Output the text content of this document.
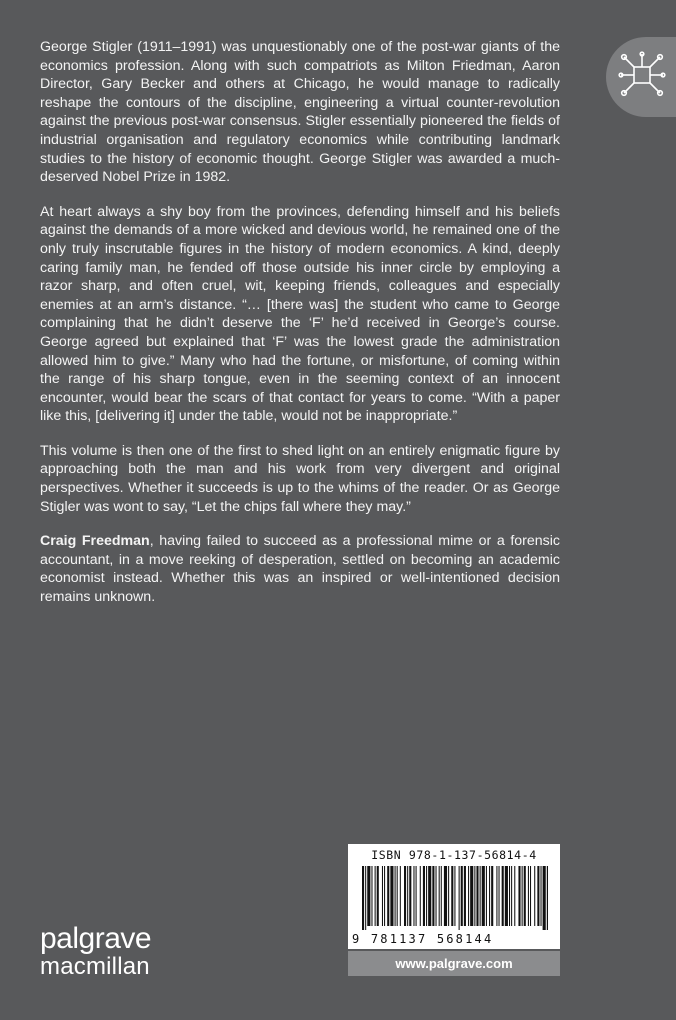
George Stigler (1911–1991) was unquestionably one of the post-war giants of the economics profession. Along with such compatriots as Milton Friedman, Aaron Director, Gary Becker and others at Chicago, he would manage to radically reshape the contours of the discipline, engineering a virtual counter-revolution against the previous post-war consensus. Stigler essentially pioneered the fields of industrial organisation and regulatory economics while contributing landmark studies to the history of economic thought. George Stigler was awarded a much-deserved Nobel Prize in 1982.

At heart always a shy boy from the provinces, defending himself and his beliefs against the demands of a more wicked and devious world, he remained one of the only truly inscrutable figures in the history of modern economics. A kind, deeply caring family man, he fended off those outside his inner circle by employing a razor sharp, and often cruel, wit, keeping friends, colleagues and especially enemies at an arm’s distance. “… [there was] the student who came to George complaining that he didn’t deserve the ‘F’ he’d received in George’s course. George agreed but explained that ‘F’ was the lowest grade the administration allowed him to give.” Many who had the fortune, or misfortune, of coming within the range of his sharp tongue, even in the seeming context of an innocent encounter, would bear the scars of that contact for years to come. “With a paper like this, [delivering it] under the table, would not be inappropriate.”

This volume is then one of the first to shed light on an entirely enigmatic figure by approaching both the man and his work from very divergent and original perspectives. Whether it succeeds is up to the whims of the reader. Or as George Stigler was wont to say, “Let the chips fall where they may.”

Craig Freedman, having failed to succeed as a professional mime or a forensic accountant, in a move reeking of desperation, settled on becoming an academic economist instead. Whether this was an inspired or well-intentioned decision remains unknown.

palgrave
macmillan
ISBN 978-1-137-56814-4
9 781137 568144
www.palgrave.com
